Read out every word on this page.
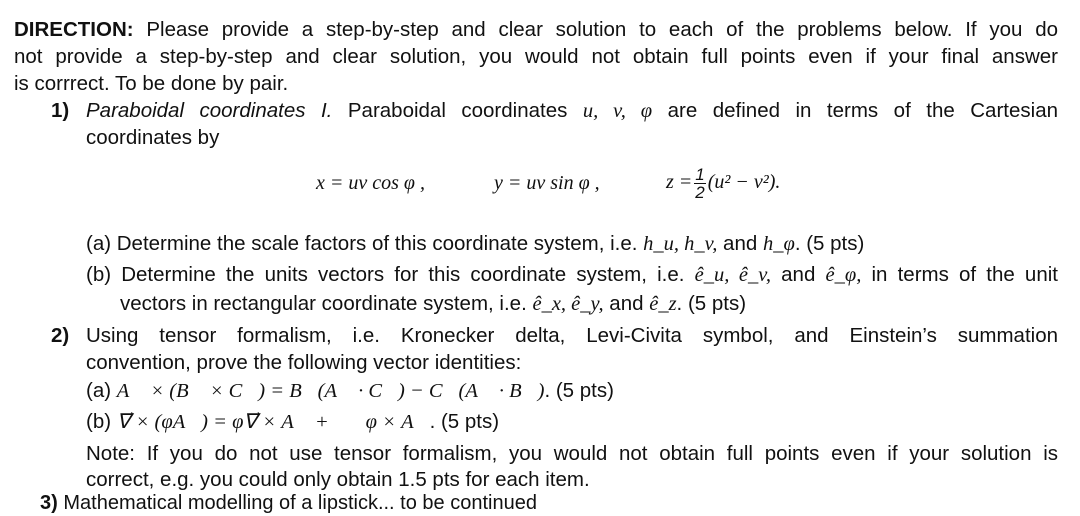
DIRECTION: Please provide a step-by-step and clear solution to each of the problems below. If you do
not provide a step-by-step and clear solution, you would not obtain full points even if your final answer
is corrrect. To be done by pair.
1) Paraboidal coordinates I. Paraboidal coordinates u, v, φ are defined in terms of the Cartesian
coordinates by
x = uv cos φ ,	y = uv sin φ ,	$z = \frac{1}{2} (u^2 - v^2)$.
(a) Determine the scale factors of this coordinate system, i.e. h_u, h_v, and h_φ. (5 pts)
(b) Determine the units vectors for this coordinate system, i.e. ê_u, ê_v, and ê_φ, in terms of the unit
vectors in rectangular coordinate system, i.e. ê_x, ê_y, and ê_z. (5 pts)
2) Using tensor formalism, i.e. Kronecker delta, Levi-Civita symbol, and Einstein’s summation
convention, prove the following vector identities:
(a) A⃗ × (B⃗ × C⃗) = B⃗(A⃗ · C⃗) − C⃗(A⃗ · B⃗). (5 pts)
(b) ∇⃗ × (φA⃗) = φ∇⃗ × A⃗ + ∇⃗φ × A⃗. (5 pts)
Note: If you do not use tensor formalism, you would not obtain full points even if your solution is
correct, e.g. you could only obtain 1.5 pts for each item.
3) Mathematical modelling of a lipstick... to be continued
